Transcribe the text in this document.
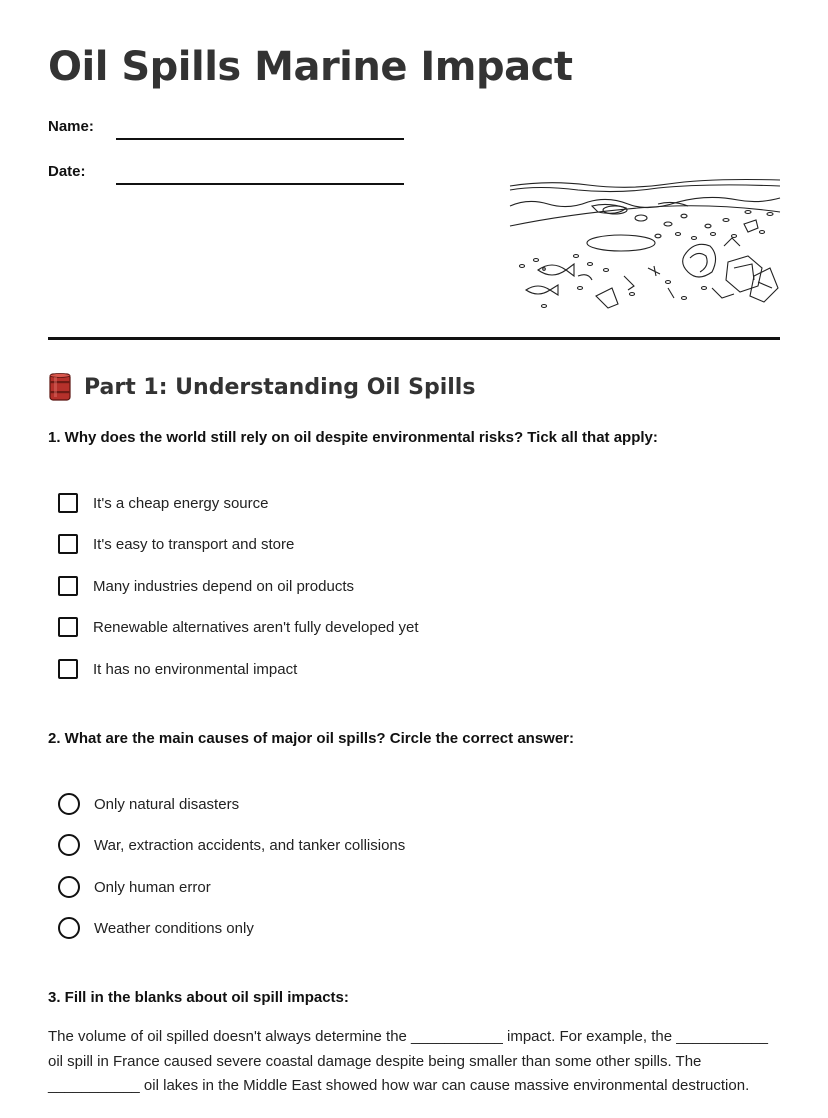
Oil Spills Marine Impact
Name:
Date:
Part 1: Understanding Oil Spills

1. Why does the world still rely on oil despite environmental risks? Tick all that apply:

It's a cheap energy source
It's easy to transport and store
Many industries depend on oil products
Renewable alternatives aren't fully developed yet
It has no environmental impact

2. What are the main causes of major oil spills? Circle the correct answer:

Only natural disasters
War, extraction accidents, and tanker collisions
Only human error
Weather conditions only

3. Fill in the blanks about oil spill impacts:

The volume of oil spilled doesn't always determine the ___________ impact. For example, the ___________ oil spill in France caused severe coastal damage despite being smaller than some other spills. The ___________ oil lakes in the Middle East showed how war can cause massive environmental destruction.
